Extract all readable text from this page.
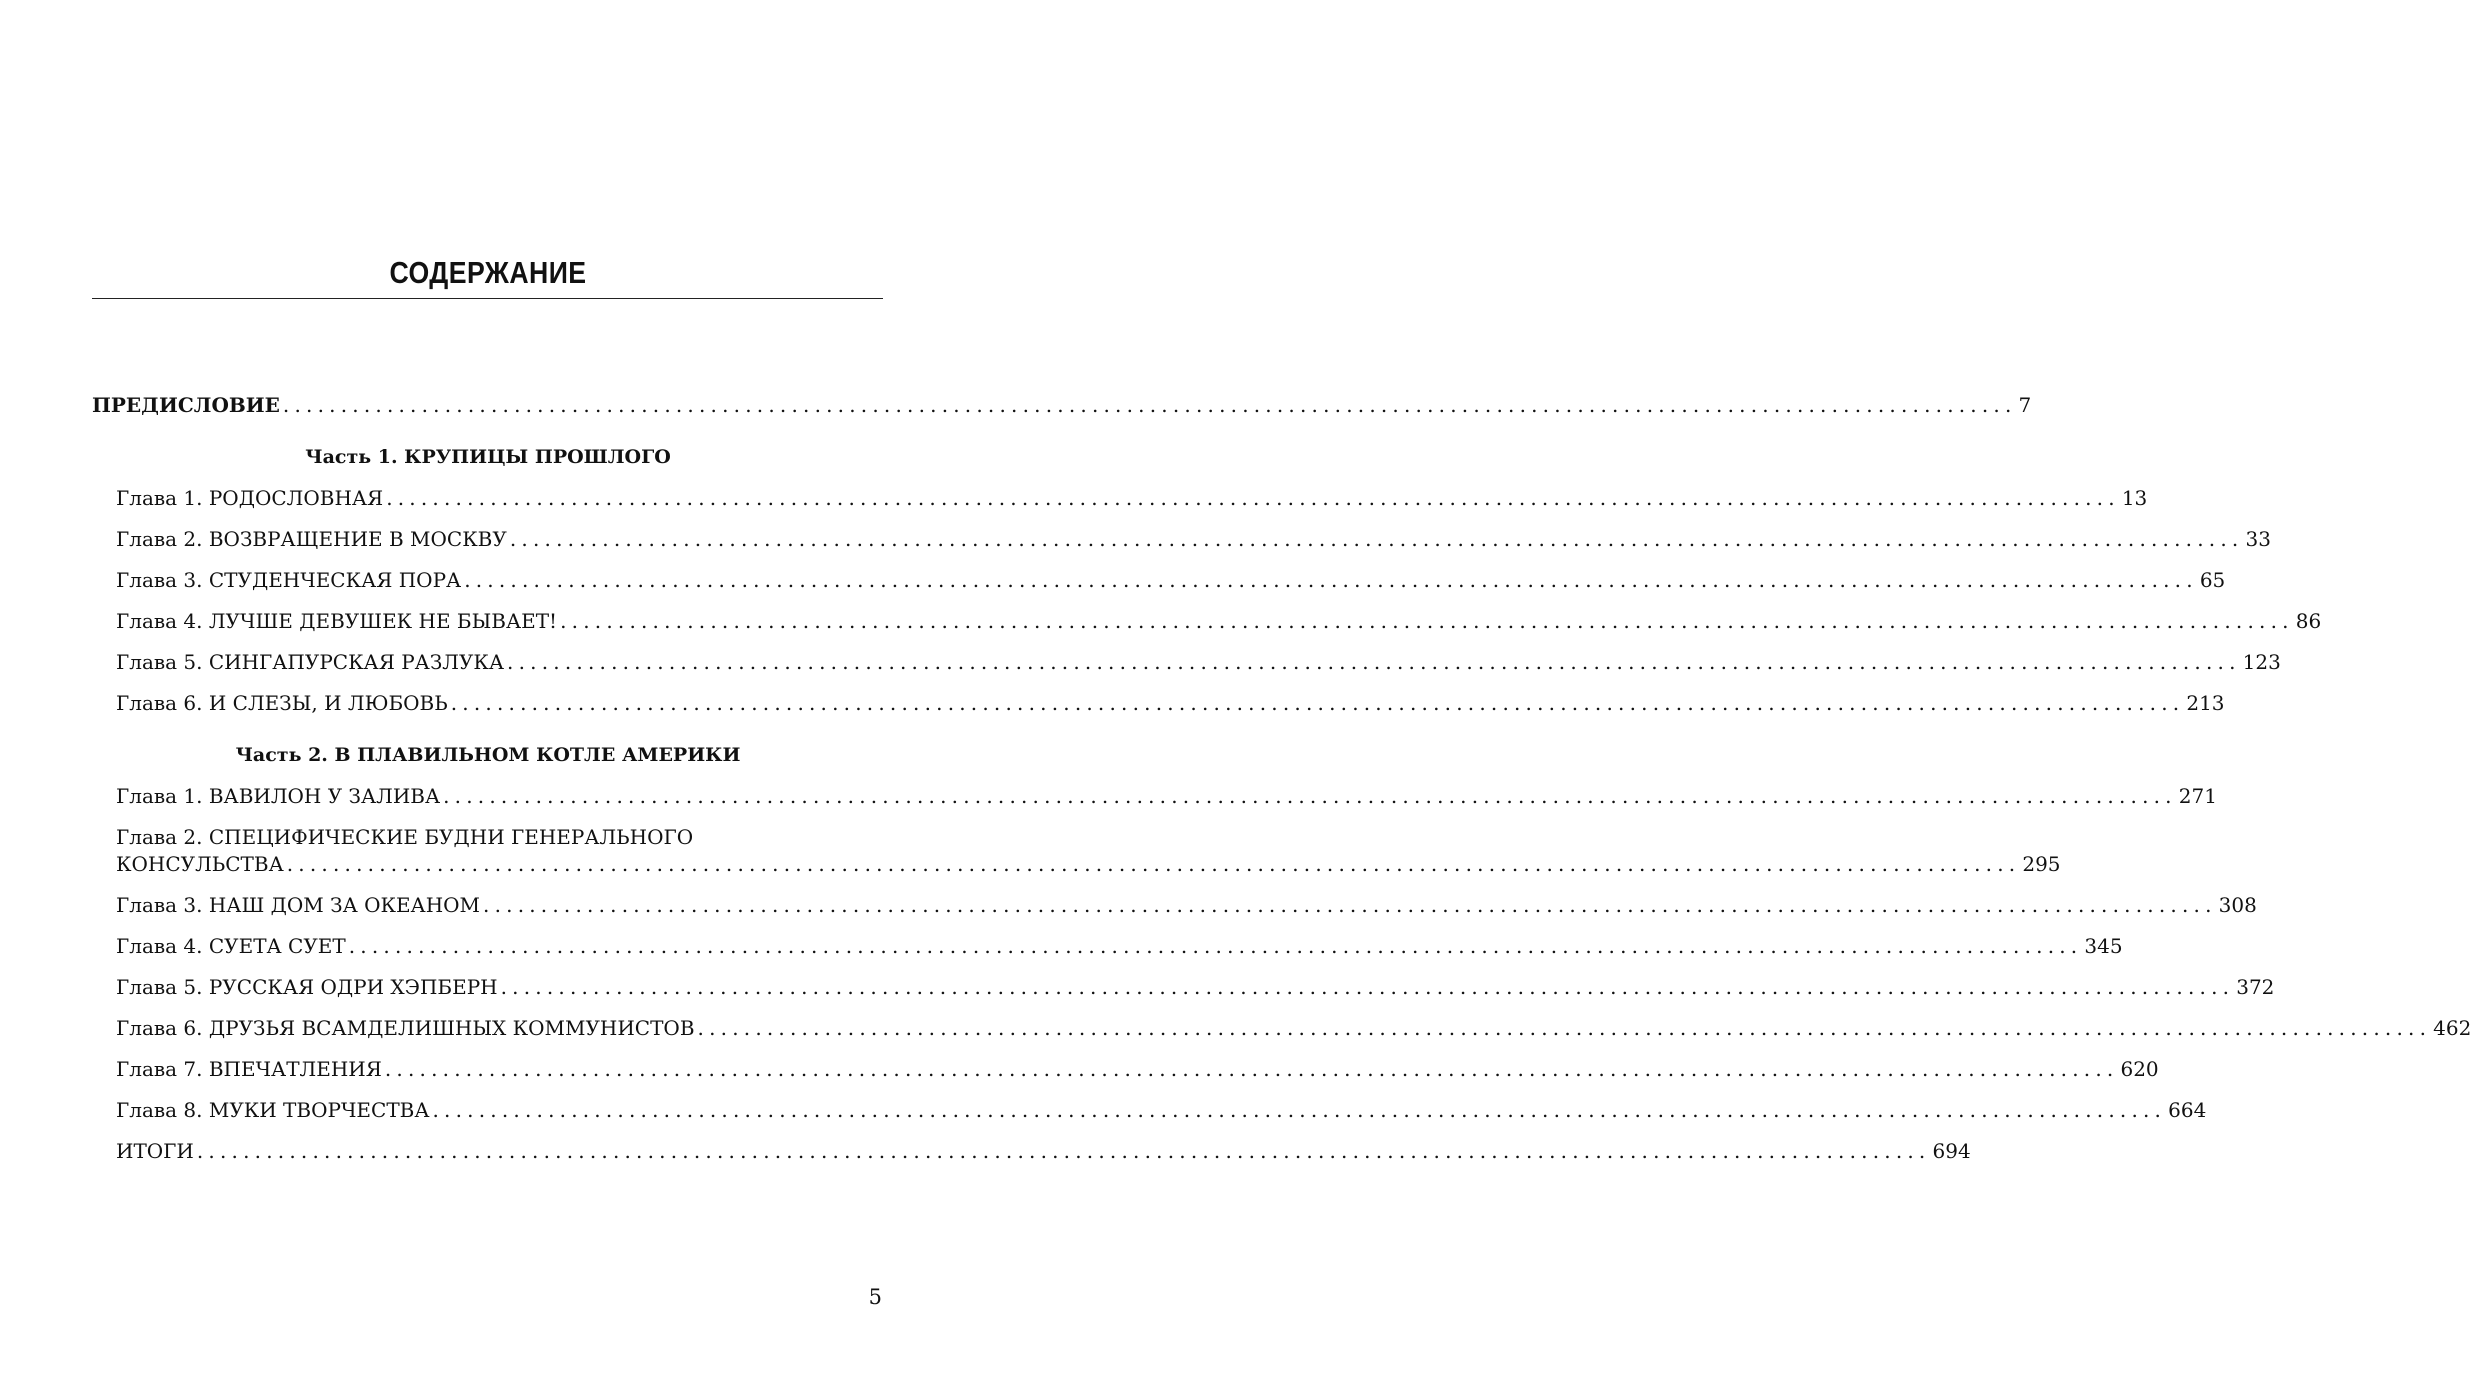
СОДЕРЖАНИЕ
ПРЕДИСЛОВИЕ ...................................................................................................................................................... 7
Часть 1. КРУПИЦЫ ПРОШЛОГО
Глава 1. РОДОСЛОВНАЯ ...................................................................................................................................................... 13
Глава 2. ВОЗВРАЩЕНИЕ В МОСКВУ ...................................................................................................................................................... 33
Глава 3. СТУДЕНЧЕСКАЯ ПОРА ...................................................................................................................................................... 65
Глава 4. ЛУЧШЕ ДЕВУШЕК НЕ БЫВАЕТ! ...................................................................................................................................................... 86
Глава 5. СИНГАПУРСКАЯ РАЗЛУКА ...................................................................................................................................................... 123
Глава 6. И СЛЕЗЫ, И ЛЮБОВЬ ...................................................................................................................................................... 213
Часть 2. В ПЛАВИЛЬНОМ КОТЛЕ АМЕРИКИ
Глава 1. ВАВИЛОН У ЗАЛИВА ...................................................................................................................................................... 271
Глава 2. СПЕЦИФИЧЕСКИЕ БУДНИ ГЕНЕРАЛЬНОГО
КОНСУЛЬСТВА ...................................................................................................................................................... 295
Глава 3. НАШ ДОМ ЗА ОКЕАНОМ ...................................................................................................................................................... 308
Глава 4. СУЕТА СУЕТ ...................................................................................................................................................... 345
Глава 5. РУССКАЯ ОДРИ ХЭПБЕРН ...................................................................................................................................................... 372
Глава 6. ДРУЗЬЯ ВСАМДЕЛИШНЫХ КОММУНИСТОВ ...................................................................................................................................................... 462
Глава 7. ВПЕЧАТЛЕНИЯ ...................................................................................................................................................... 620
Глава 8. МУКИ ТВОРЧЕСТВА ...................................................................................................................................................... 664
ИТОГИ ...................................................................................................................................................... 694
5
